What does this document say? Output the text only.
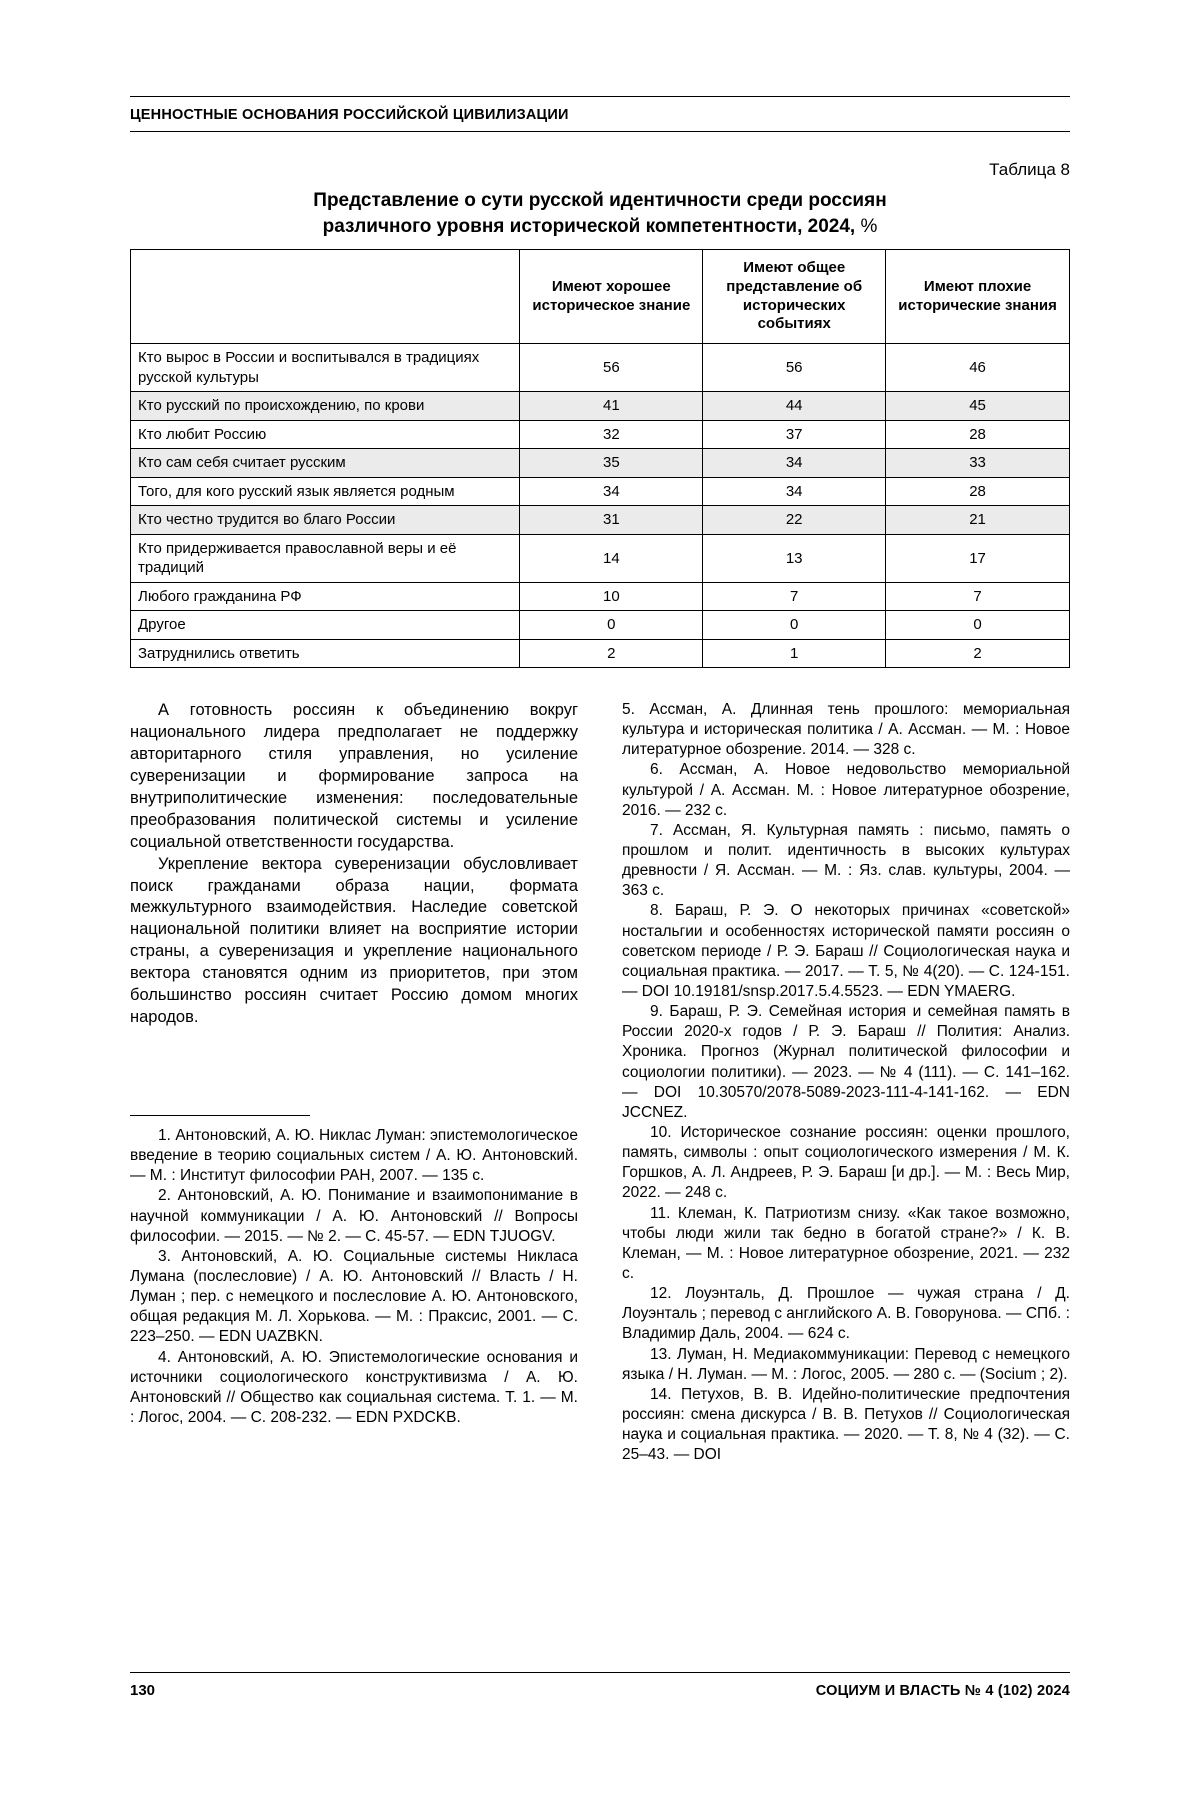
ЦЕННОСТНЫЕ ОСНОВАНИЯ РОССИЙСКОЙ ЦИВИЛИЗАЦИИ
Таблица 8
Представление о сути русской идентичности среди россиян
различного уровня исторической компетентности, 2024, %
	Имеют хорошее историческое знание	Имеют общее представление об исторических событиях	Имеют плохие исторические знания
Кто вырос в России и воспитывался в традициях русской культуры	56	56	46
Кто русский по происхождению, по крови	41	44	45
Кто любит Россию	32	37	28
Кто сам себя считает русским	35	34	33
Того, для кого русский язык является родным	34	34	28
Кто честно трудится во благо России	31	22	21
Кто придерживается православной веры и её традиций	14	13	17
Любого гражданина РФ	10	7	7
Другое	0	0	0
Затруднились ответить	2	1	2

А готовность россиян к объединению вокруг национального лидера предполагает не поддержку авторитарного стиля управления, но усиление суверенизации и формирование запроса на внутриполитические изменения: последовательные преобразования политической системы и усиление социальной ответственности государства.

Укрепление вектора суверенизации обусловливает поиск гражданами образа нации, формата межкультурного взаимодействия. Наследие советской национальной политики влияет на восприятие истории страны, а суверенизация и укрепление национального вектора становятся одним из приоритетов, при этом большинство россиян считает Россию домом многих народов.

1. Антоновский, А. Ю. Никлас Луман: эпистемологическое введение в теорию социальных систем / А. Ю. Антоновский. — М. : Институт философии РАН, 2007. — 135 с.

2. Антоновский, А. Ю. Понимание и взаимопонимание в научной коммуникации / А. Ю. Антоновский // Вопросы философии. — 2015. — № 2. — С. 45-57. — EDN TJUOGV.

3. Антоновский, А. Ю. Социальные системы Никласа Лумана (послесловие) / А. Ю. Антоновский // Власть / Н. Луман ; пер. с немецкого и послесловие А. Ю. Антоновского, общая редакция М. Л. Хорькова. — М. : Праксис, 2001. — С. 223–250. — EDN UAZBKN.

4. Антоновский, А. Ю. Эпистемологические основания и источники социологического конструктивизма / А. Ю. Антоновский // Общество как социальная система. Т. 1. — М. : Логос, 2004. — С. 208-232. — EDN PXDCKB.

5. Ассман, А. Длинная тень прошлого: мемориальная культура и историческая политика / А. Ассман. — М. : Новое литературное обозрение. 2014. — 328 с.

6. Ассман, А. Новое недовольство мемориальной культурой / А. Ассман. М. : Новое литературное обозрение, 2016. — 232 с.

7. Ассман, Я. Культурная память : письмо, память о прошлом и полит. идентичность в высоких культурах древности / Я. Ассман. — М. : Яз. слав. культуры, 2004. — 363 с.

8. Бараш, Р. Э. О некоторых причинах «советской» ностальгии и особенностях исторической памяти россиян о советском периоде / Р. Э. Бараш // Социологическая наука и социальная практика. — 2017. — Т. 5, № 4(20). — С. 124-151. — DOI 10.19181/snsp.2017.5.4.5523. — EDN YMAERG.

9. Бараш, Р. Э. Семейная история и семейная память в России 2020-х годов / Р. Э. Бараш // Полития: Анализ. Хроника. Прогноз (Журнал политической философии и социологии политики). — 2023. — № 4 (111). — С. 141–162. — DOI 10.30570/2078-5089-2023-111-4-141-162. — EDN JCCNEZ.

10. Историческое сознание россиян: оценки прошлого, память, символы : опыт социологического измерения / М. К. Горшков, А. Л. Андреев, Р. Э. Бараш [и др.]. — М. : Весь Мир, 2022. — 248 с.

11. Клеман, К. Патриотизм снизу. «Как такое возможно, чтобы люди жили так бедно в богатой стране?» / К. В. Клеман, — М. : Новое литературное обозрение, 2021. — 232 с.

12. Лоуэнталь, Д. Прошлое — чужая страна / Д. Лоуэнталь ; перевод с английского А. В. Говорунова. — СПб. : Владимир Даль, 2004. — 624 с.

13. Луман, Н. Медиакоммуникации: Перевод с немецкого языка / Н. Луман. — М. : Логос, 2005. — 280 с. — (Socium ; 2).

14. Петухов, В. В. Идейно-политические предпочтения россиян: смена дискурса / В. В. Петухов // Социологическая наука и социальная практика. — 2020. — Т. 8, № 4 (32). — С. 25–43. — DOI

130	СОЦИУМ И ВЛАСТЬ № 4 (102) 2024
